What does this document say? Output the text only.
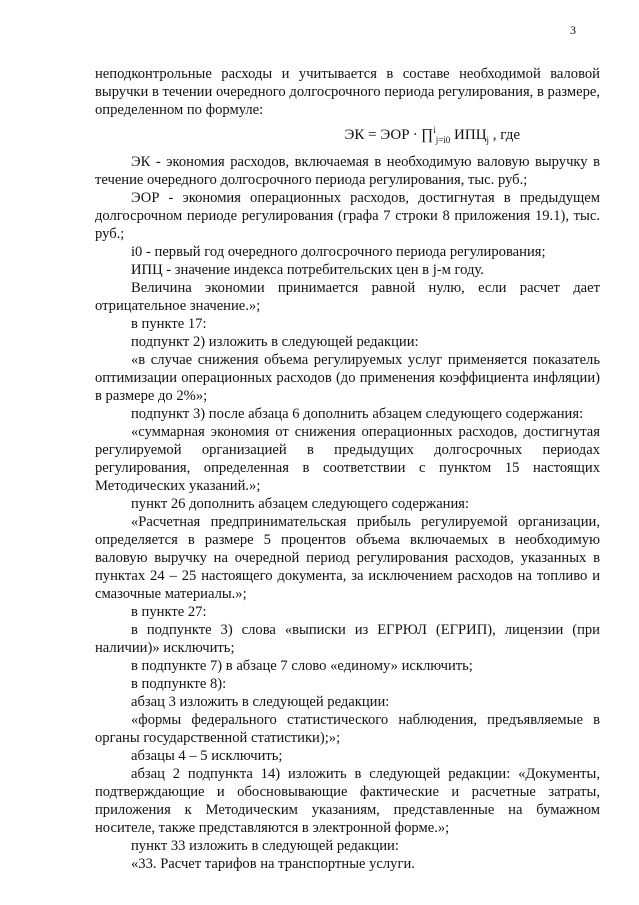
3

неподконтрольные расходы и учитывается в составе необходимой валовой выручки в течении очередного долгосрочного периода регулирования, в размере, определенном по формуле:

ЭК = ЭОР ∙ ∏$^i_{j=i0}$ $ИПЦ_j$ , где

ЭК - экономия расходов, включаемая в необходимую валовую выручку в течение очередного долгосрочного периода регулирования, тыс. руб.;

ЭОР - экономия операционных расходов, достигнутая в предыдущем долгосрочном периоде регулирования (графа 7 строки 8 приложения 19.1), тыс. руб.;

i0 - первый год очередного долгосрочного периода регулирования;

ИПЦ - значение индекса потребительских цен в j-м году.

Величина экономии принимается равной нулю, если расчет дает отрицательное значение.»;

в пункте 17:

подпункт 2) изложить в следующей редакции:

«в случае снижения объема регулируемых услуг применяется показатель оптимизации операционных расходов (до применения коэффициента инфляции) в размере до 2%»;

подпункт 3) после абзаца 6 дополнить абзацем следующего содержания:

«суммарная экономия от снижения операционных расходов, достигнутая регулируемой организацией в предыдущих долгосрочных периодах регулирования, определенная в соответствии с пунктом 15 настоящих Методических указаний.»;

пункт 26 дополнить абзацем следующего содержания:

«Расчетная предпринимательская прибыль регулируемой организации, определяется в размере 5 процентов объема включаемых в необходимую валовую выручку на очередной период регулирования расходов, указанных в пунктах 24 – 25 настоящего документа, за исключением расходов на топливо и смазочные материалы.»;

в пункте 27:

в подпункте 3) слова «выписки из ЕГРЮЛ (ЕГРИП), лицензии (при наличии)» исключить;

в подпункте 7) в абзаце 7 слово «единому» исключить;

в подпункте 8):

абзац 3 изложить в следующей редакции:

«формы федерального статистического наблюдения, предъявляемые в органы государственной статистики);»;

абзацы 4 – 5 исключить;

абзац 2 подпункта 14) изложить в следующей редакции: «Документы, подтверждающие и обосновывающие фактические и расчетные затраты, приложения к Методическим указаниям, представленные на бумажном носителе, также представляются в электронной форме.»;

пункт 33 изложить в следующей редакции:

«33. Расчет тарифов на транспортные услуги.
